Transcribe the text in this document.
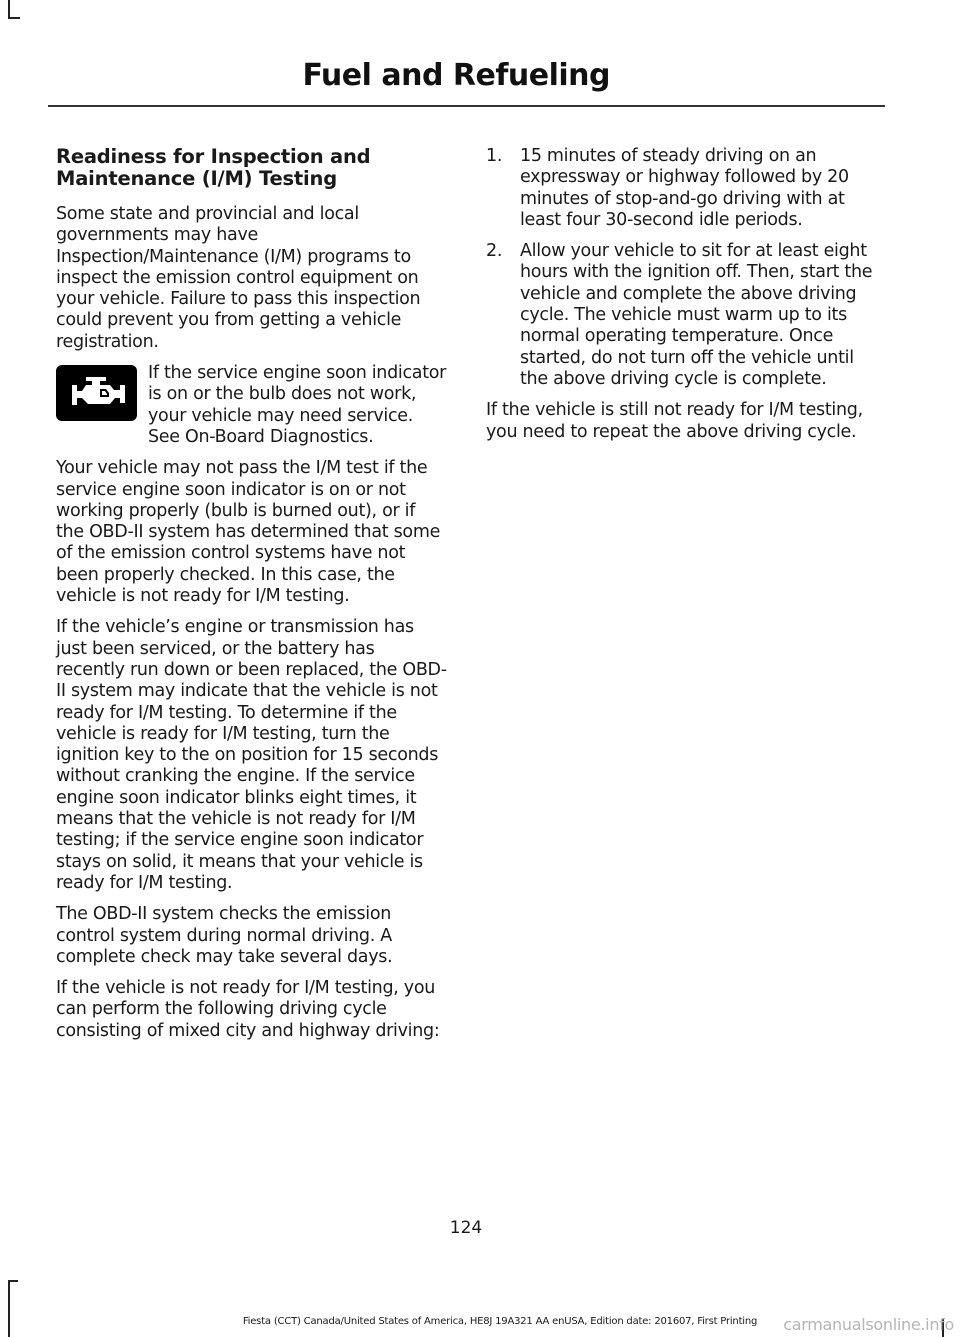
Fuel and Refueling
Readiness for Inspection and Maintenance (I/M) Testing

Some state and provincial and local governments may have Inspection/Maintenance (I/M) programs to inspect the emission control equipment on your vehicle. Failure to pass this inspection could prevent you from getting a vehicle registration.

If the service engine soon indicator is on or the bulb does not work, your vehicle may need service. See On-Board Diagnostics.

Your vehicle may not pass the I/M test if the service engine soon indicator is on or not working properly (bulb is burned out), or if the OBD-II system has determined that some of the emission control systems have not been properly checked. In this case, the vehicle is not ready for I/M testing.

If the vehicle’s engine or transmission has just been serviced, or the battery has recently run down or been replaced, the OBD-II system may indicate that the vehicle is not ready for I/M testing. To determine if the vehicle is ready for I/M testing, turn the ignition key to the on position for 15 seconds without cranking the engine. If the service engine soon indicator blinks eight times, it means that the vehicle is not ready for I/M testing; if the service engine soon indicator stays on solid, it means that your vehicle is ready for I/M testing.

The OBD-II system checks the emission control system during normal driving. A complete check may take several days.

If the vehicle is not ready for I/M testing, you can perform the following driving cycle consisting of mixed city and highway driving:

1. 15 minutes of steady driving on an expressway or highway followed by 20 minutes of stop-and-go driving with at least four 30-second idle periods.
2. Allow your vehicle to sit for at least eight hours with the ignition off. Then, start the vehicle and complete the above driving cycle. The vehicle must warm up to its normal operating temperature. Once started, do not turn off the vehicle until the above driving cycle is complete.

If the vehicle is still not ready for I/M testing, you need to repeat the above driving cycle.

124
Fiesta (CCT) Canada/United States of America, HE8J 19A321 AA enUSA, Edition date: 201607, First Printing	carmanualsonline.info
